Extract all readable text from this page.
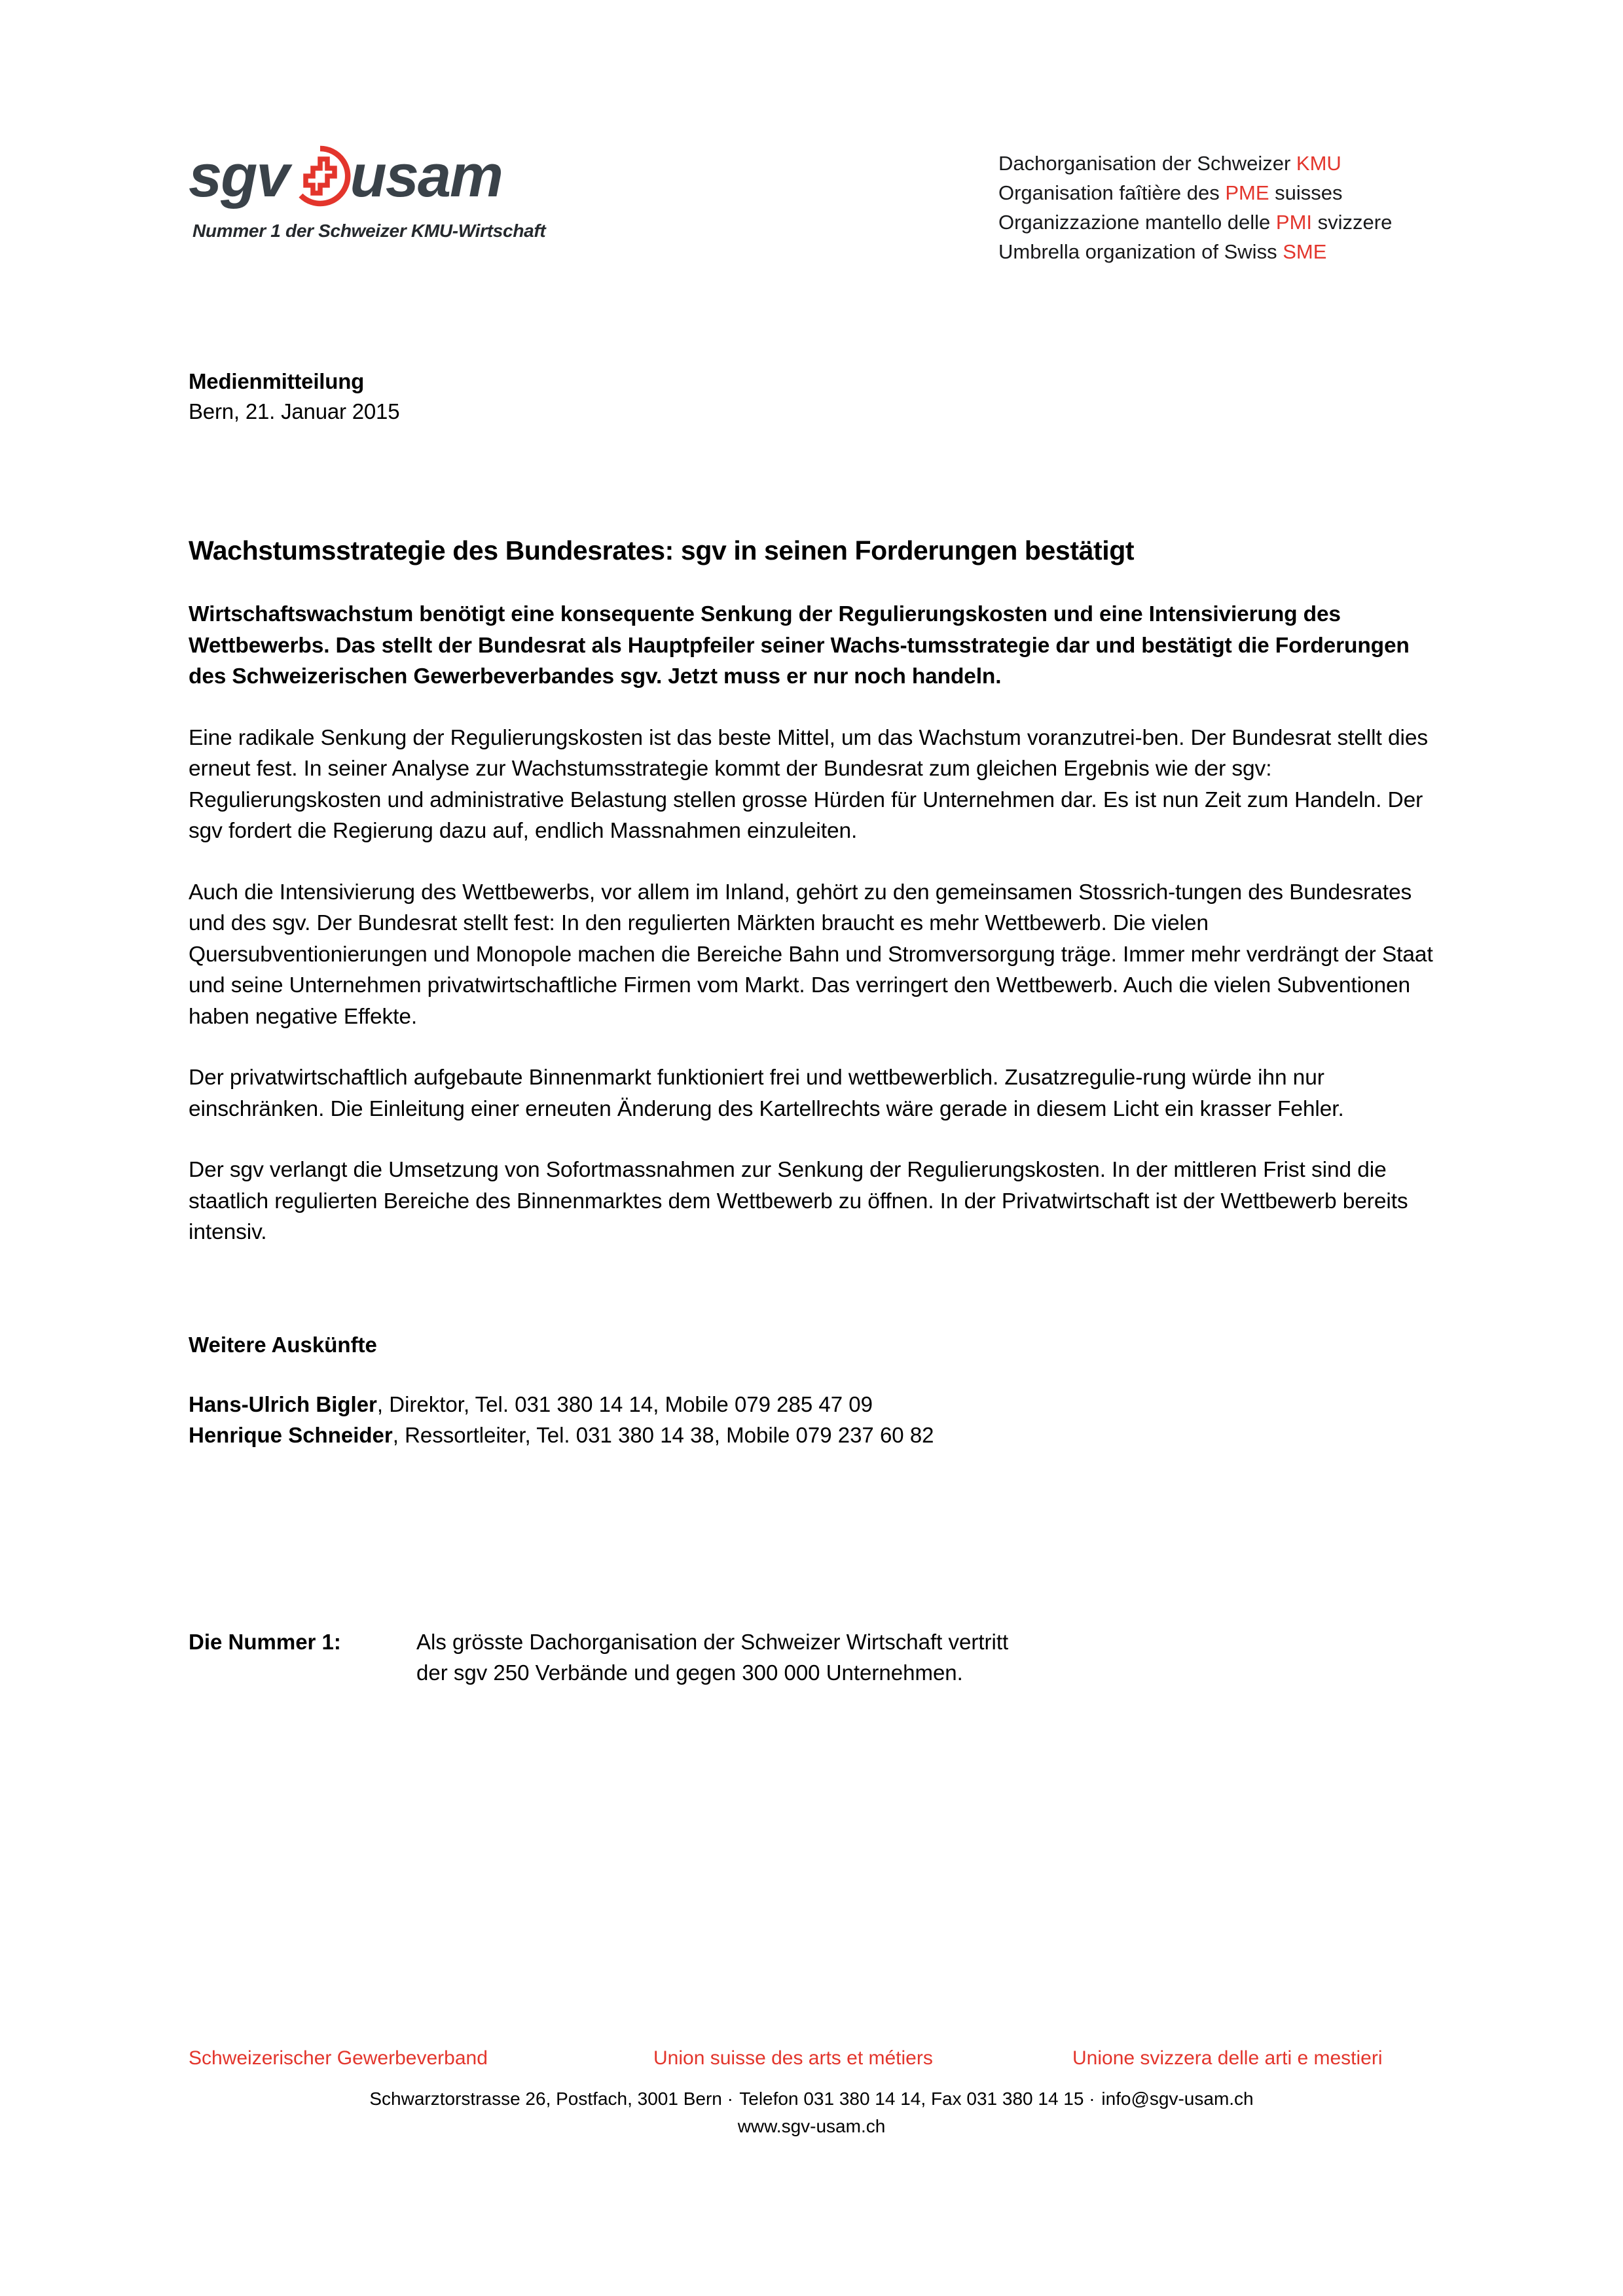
sgv usam
Nummer 1 der Schweizer KMU-Wirtschaft
Dachorganisation der Schweizer KMU
Organisation faîtière des PME suisses
Organizzazione mantello delle PMI svizzere
Umbrella organization of Swiss SME
Medienmitteilung
Bern, 21. Januar 2015
Wachstumsstrategie des Bundesrates: sgv in seinen Forderungen bestätigt

Wirtschaftswachstum benötigt eine konsequente Senkung der Regulierungskosten und eine Intensivierung des Wettbewerbs. Das stellt der Bundesrat als Hauptpfeiler seiner Wachs-tumsstrategie dar und bestätigt die Forderungen des Schweizerischen Gewerbeverbandes sgv. Jetzt muss er nur noch handeln.

Eine radikale Senkung der Regulierungskosten ist das beste Mittel, um das Wachstum voranzutrei-ben. Der Bundesrat stellt dies erneut fest. In seiner Analyse zur Wachstumsstrategie kommt der Bundesrat zum gleichen Ergebnis wie der sgv: Regulierungskosten und administrative Belastung stellen grosse Hürden für Unternehmen dar. Es ist nun Zeit zum Handeln. Der sgv fordert die Regierung dazu auf, endlich Massnahmen einzuleiten.

Auch die Intensivierung des Wettbewerbs, vor allem im Inland, gehört zu den gemeinsamen Stossrich-tungen des Bundesrates und des sgv. Der Bundesrat stellt fest: In den regulierten Märkten braucht es mehr Wettbewerb. Die vielen Quersubventionierungen und Monopole machen die Bereiche Bahn und Stromversorgung träge. Immer mehr verdrängt der Staat und seine Unternehmen privatwirtschaftliche Firmen vom Markt. Das verringert den Wettbewerb. Auch die vielen Subventionen haben negative Effekte.

Der privatwirtschaftlich aufgebaute Binnenmarkt funktioniert frei und wettbewerblich. Zusatzregulie-rung würde ihn nur einschränken. Die Einleitung einer erneuten Änderung des Kartellrechts wäre gerade in diesem Licht ein krasser Fehler.

Der sgv verlangt die Umsetzung von Sofortmassnahmen zur Senkung der Regulierungskosten. In der mittleren Frist sind die staatlich regulierten Bereiche des Binnenmarktes dem Wettbewerb zu öffnen. In der Privatwirtschaft ist der Wettbewerb bereits intensiv.

Weitere Auskünfte
Hans-Ulrich Bigler, Direktor, Tel. 031 380 14 14, Mobile 079 285 47 09
Henrique Schneider, Ressortleiter, Tel. 031 380 14 38, Mobile 079 237 60 82
Die Nummer 1:	Als grösste Dachorganisation der Schweizer Wirtschaft vertritt
der sgv 250 Verbände und gegen 300 000 Unternehmen.
Schweizerischer Gewerbeverband	Union suisse des arts et métiers	Unione svizzera delle arti e mestieri
Schwarztorstrasse 26, Postfach, 3001 Bern · Telefon 031 380 14 14, Fax 031 380 14 15 · info@sgv-usam.ch
www.sgv-usam.ch
